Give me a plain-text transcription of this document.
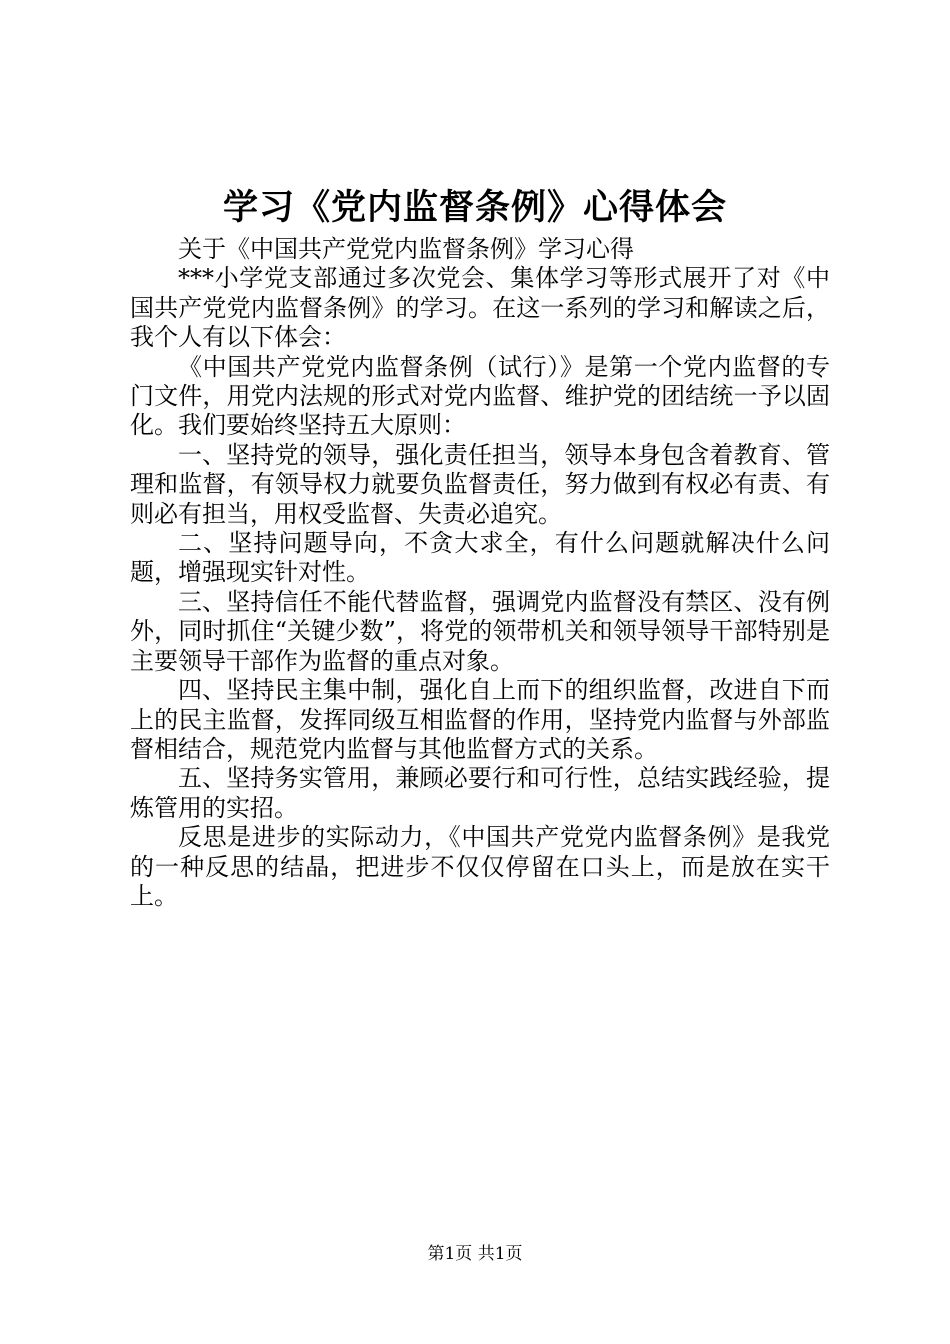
学习《党内监督条例》心得体会

关于《中国共产党党内监督条例》学习心得

***小学党支部通过多次党会、集体学习等形式展开了对《中国共产党党内监督条例》的学习。在这一系列的学习和解读之后，我个人有以下体会：

《中国共产党党内监督条例（试行）》是第一个党内监督的专门文件，用党内法规的形式对党内监督、维护党的团结统一予以固化。我们要始终坚持五大原则：

一、坚持党的领导，强化责任担当，领导本身包含着教育、管理和监督，有领导权力就要负监督责任，努力做到有权必有责、有则必有担当，用权受监督、失责必追究。

二、坚持问题导向，不贪大求全，有什么问题就解决什么问题，增强现实针对性。

三、坚持信任不能代替监督，强调党内监督没有禁区、没有例外，同时抓住“关键少数”，将党的领带机关和领导领导干部特别是主要领导干部作为监督的重点对象。

四、坚持民主集中制，强化自上而下的组织监督，改进自下而上的民主监督，发挥同级互相监督的作用，坚持党内监督与外部监督相结合，规范党内监督与其他监督方式的关系。

五、坚持务实管用，兼顾必要行和可行性，总结实践经验，提炼管用的实招。

反思是进步的实际动力，《中国共产党党内监督条例》是我党的一种反思的结晶，把进步不仅仅停留在口头上，而是放在实干上。

第1页 共1页
